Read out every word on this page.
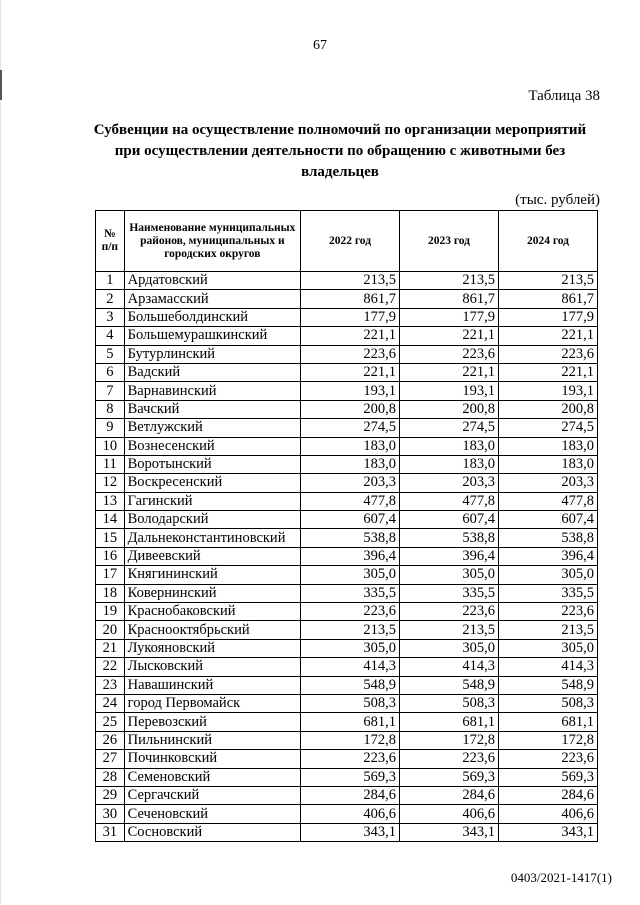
67
Таблица 38
Субвенции на осуществление полномочий по организации мероприятий при осуществлении деятельности по обращению с животными без владельцев
(тыс. рублей)
№ п/п	Наименование муниципальных районов, муниципальных и городских округов	2022 год	2023 год	2024 год
1	Ардатовский	213,5	213,5	213,5
2	Арзамасский	861,7	861,7	861,7
3	Большеболдинский	177,9	177,9	177,9
4	Большемурашкинский	221,1	221,1	221,1
5	Бутурлинский	223,6	223,6	223,6
6	Вадский	221,1	221,1	221,1
7	Варнавинский	193,1	193,1	193,1
8	Вачский	200,8	200,8	200,8
9	Ветлужский	274,5	274,5	274,5
10	Вознесенский	183,0	183,0	183,0
11	Воротынский	183,0	183,0	183,0
12	Воскресенский	203,3	203,3	203,3
13	Гагинский	477,8	477,8	477,8
14	Володарский	607,4	607,4	607,4
15	Дальнеконстантиновский	538,8	538,8	538,8
16	Дивеевский	396,4	396,4	396,4
17	Княгининский	305,0	305,0	305,0
18	Ковернинский	335,5	335,5	335,5
19	Краснобаковский	223,6	223,6	223,6
20	Краснооктябрьский	213,5	213,5	213,5
21	Лукояновский	305,0	305,0	305,0
22	Лысковский	414,3	414,3	414,3
23	Навашинский	548,9	548,9	548,9
24	город Первомайск	508,3	508,3	508,3
25	Перевозский	681,1	681,1	681,1
26	Пильнинский	172,8	172,8	172,8
27	Починковский	223,6	223,6	223,6
28	Семеновский	569,3	569,3	569,3
29	Сергачский	284,6	284,6	284,6
30	Сеченовский	406,6	406,6	406,6
31	Сосновский	343,1	343,1	343,1
0403/2021-1417(1)
